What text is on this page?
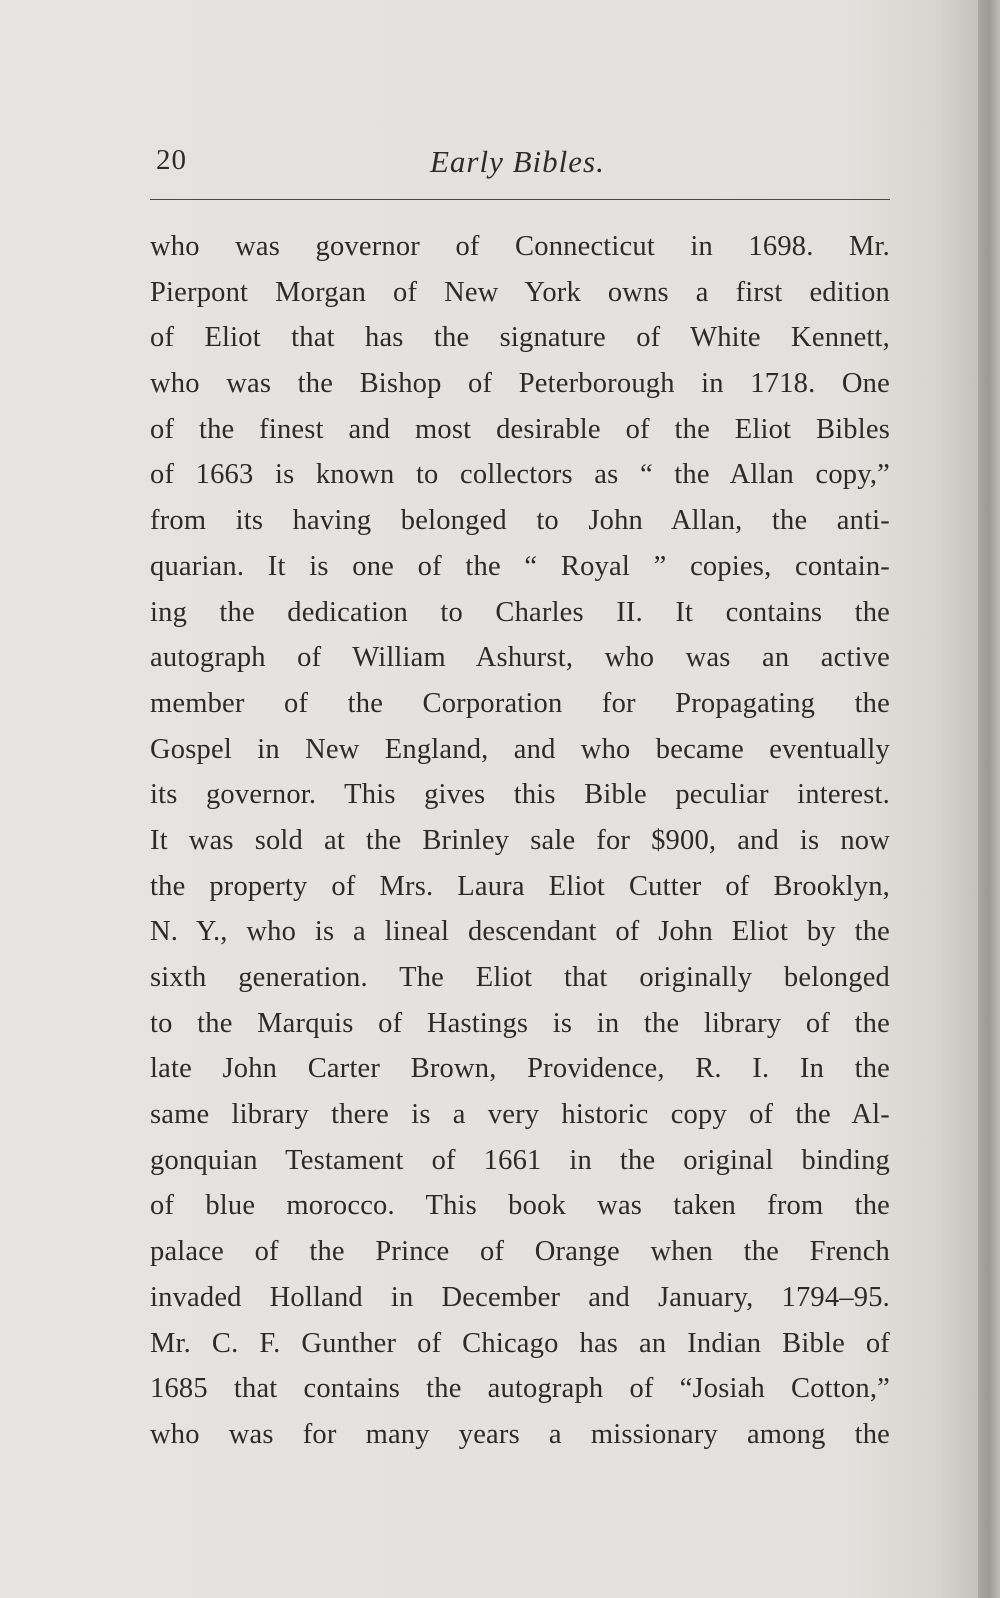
20	Early Bibles.
who was governor of Connecticut in 1698. Mr.
Pierpont Morgan of New York owns a first edition
of Eliot that has the signature of White Kennett,
who was the Bishop of Peterborough in 1718. One
of the finest and most desirable of the Eliot Bibles
of 1663 is known to collectors as “ the Allan copy,”
from its having belonged to John Allan, the anti-
quarian. It is one of the “ Royal ” copies, contain-
ing the dedication to Charles II. It contains the
autograph of William Ashurst, who was an active
member of the Corporation for Propagating the
Gospel in New England, and who became eventually
its governor. This gives this Bible peculiar interest.
It was sold at the Brinley sale for $900, and is now
the property of Mrs. Laura Eliot Cutter of Brooklyn,
N. Y., who is a lineal descendant of John Eliot by the
sixth generation. The Eliot that originally belonged
to the Marquis of Hastings is in the library of the
late John Carter Brown, Providence, R. I. In the
same library there is a very historic copy of the Al-
gonquian Testament of 1661 in the original binding
of blue morocco. This book was taken from the
palace of the Prince of Orange when the French
invaded Holland in December and January, 1794–95.
Mr. C. F. Gunther of Chicago has an Indian Bible of
1685 that contains the autograph of “Josiah Cotton,”
who was for many years a missionary among the
